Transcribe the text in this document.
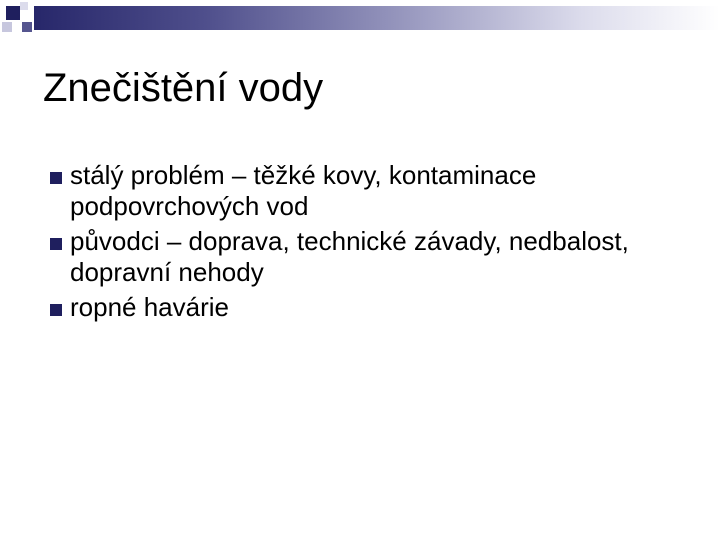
Znečištění vody
stálý problém – těžké kovy, kontaminace podpovrchových vod
původci – doprava, technické závady, nedbalost, dopravní nehody
ropné havárie
